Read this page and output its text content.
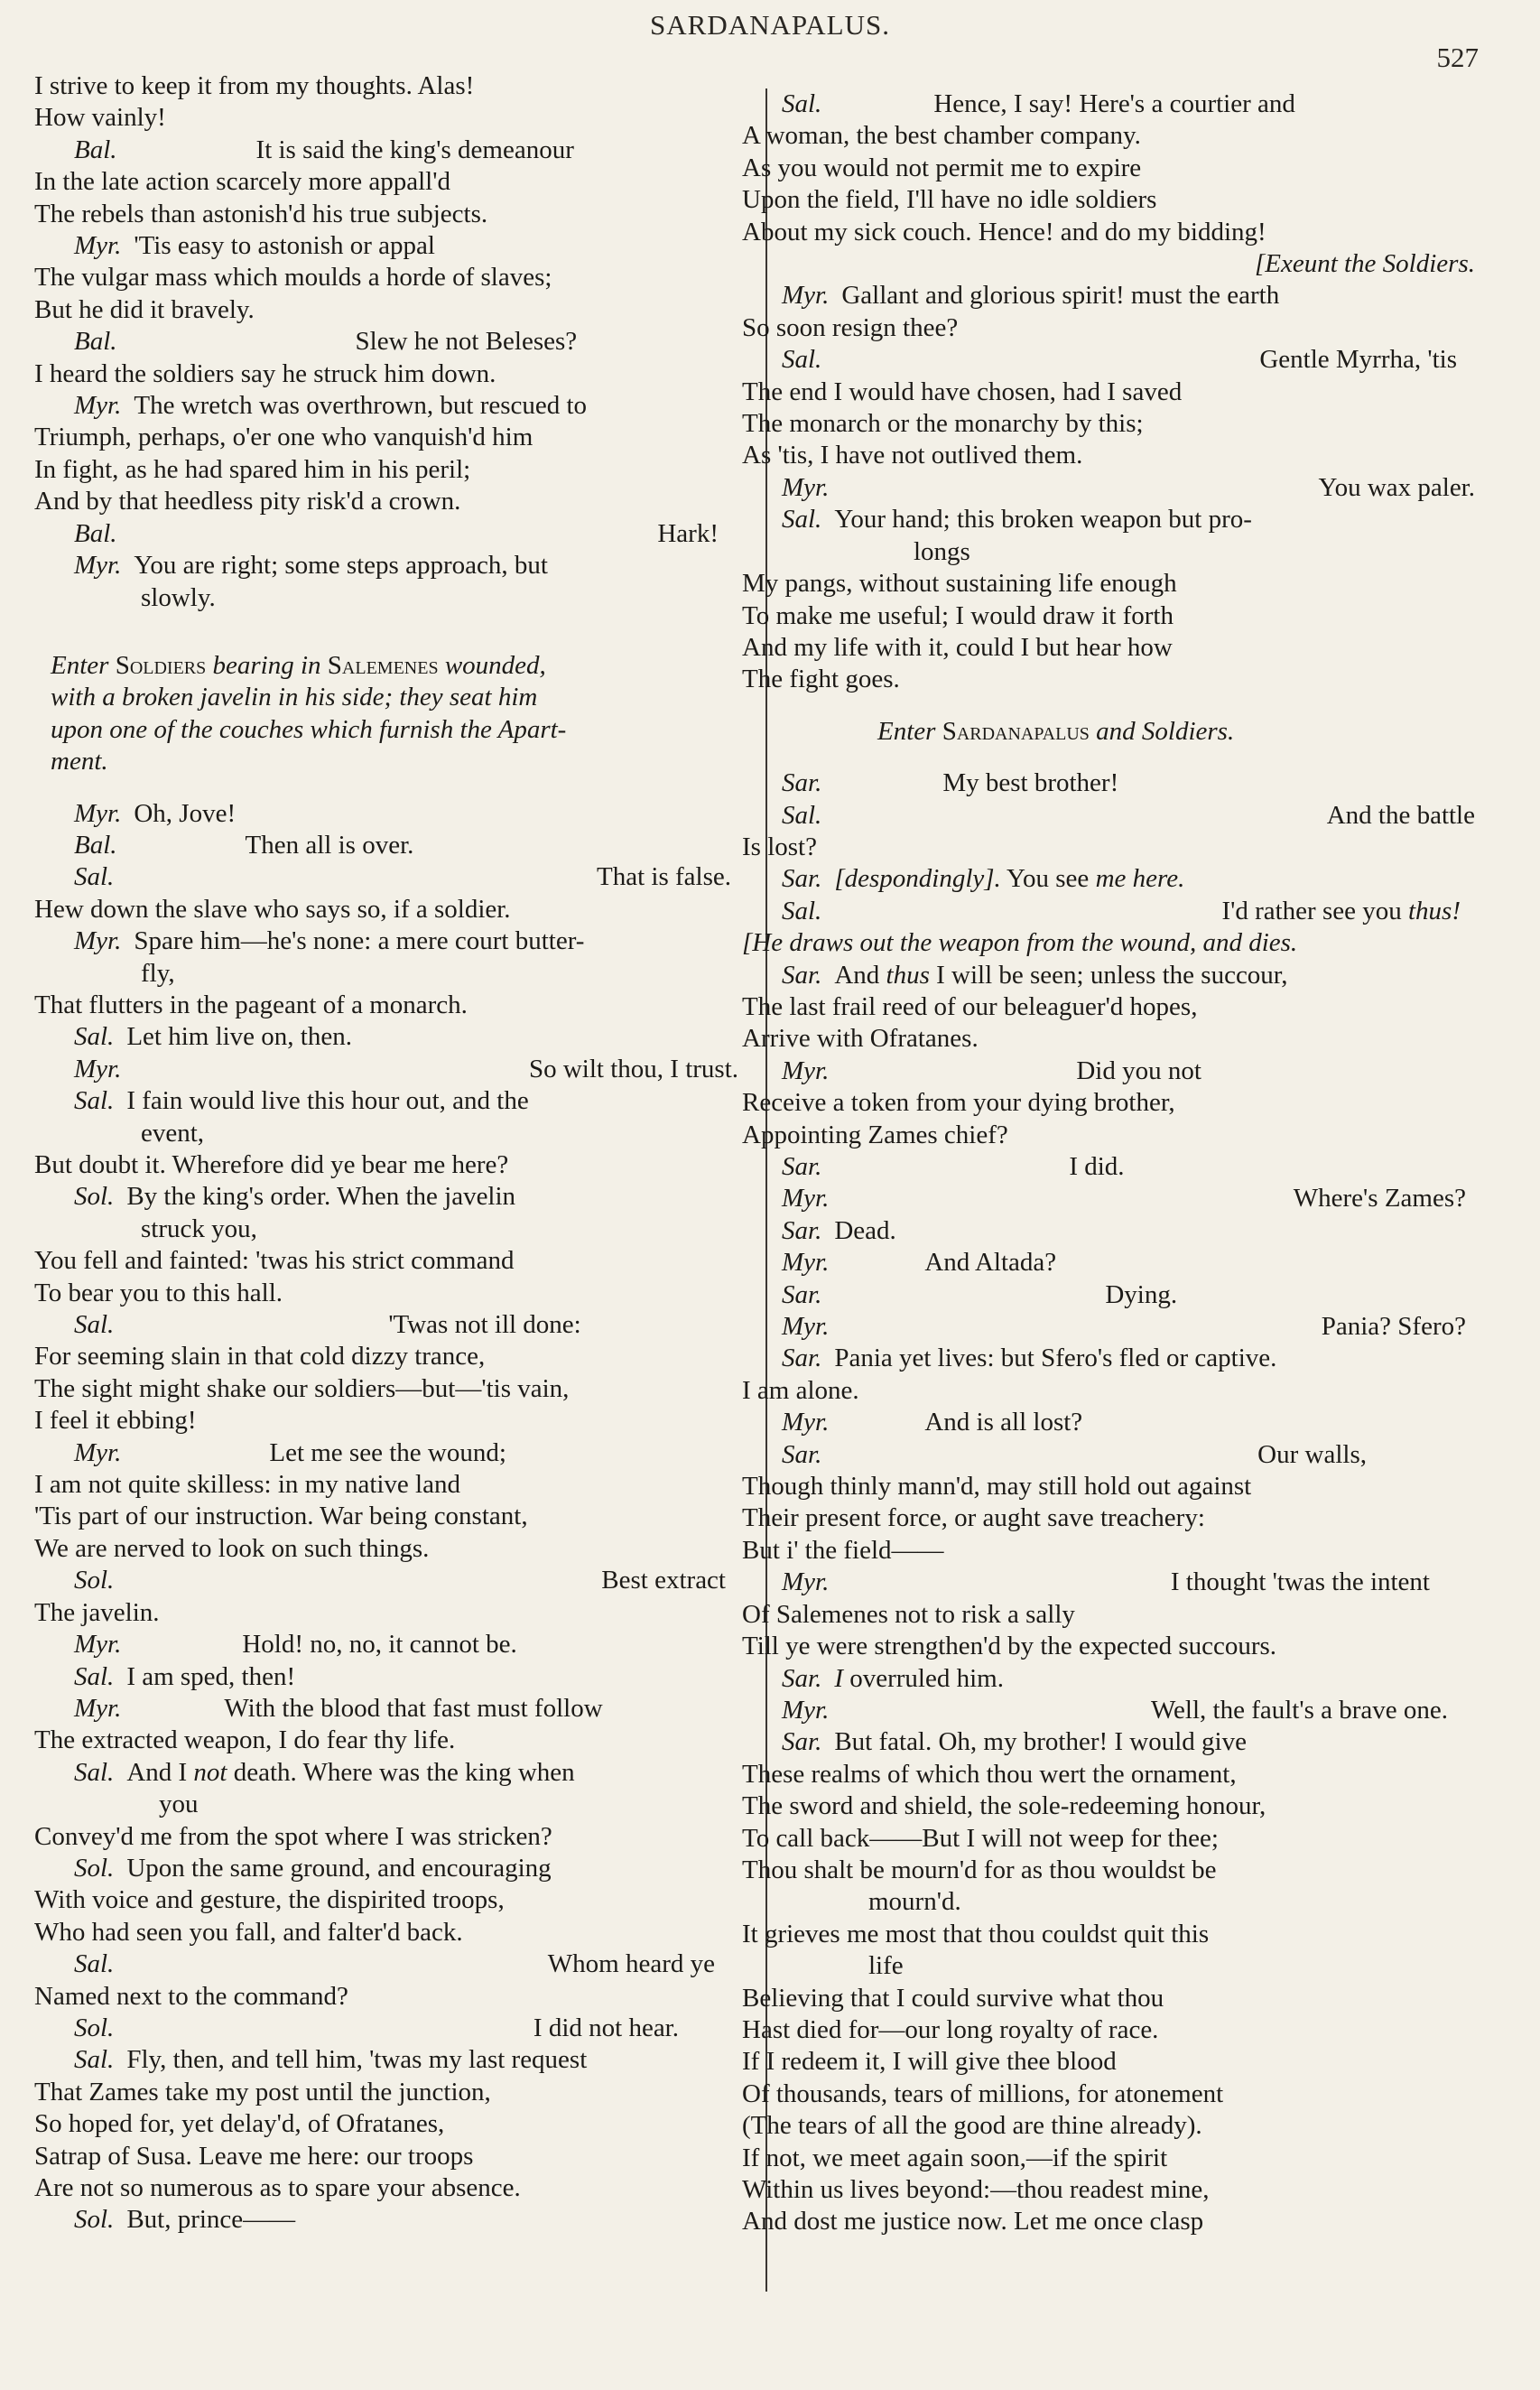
SARDANAPALUS.
527
I strive to keep it from my thoughts. Alas!
How vainly!
Bal.	It is said the king's demeanour
In the late action scarcely more appall'd
The rebels than astonish'd his true subjects.
Myr. 'Tis easy to astonish or appal
The vulgar mass which moulds a horde of slaves;
But he did it bravely.
Bal.	Slew he not Beleses?
I heard the soldiers say he struck him down.
Myr. The wretch was overthrown, but rescued to
Triumph, perhaps, o'er one who vanquish'd him
In fight, as he had spared him in his peril;
And by that heedless pity risk'd a crown.
Bal.	Hark!
Myr. You are right; some steps approach, but
slowly.
Enter Soldiers bearing in Salemenes wounded,
with a broken javelin in his side; they seat him
upon one of the couches which furnish the Apart-
ment.
Myr. Oh, Jove!
Bal.	Then all is over.
Sal.	That is false.
Hew down the slave who says so, if a soldier.
Myr. Spare him—he's none: a mere court butter-
fly,
That flutters in the pageant of a monarch.
Sal. Let him live on, then.
Myr.	So wilt thou, I trust.
Sal. I fain would live this hour out, and the
event,
But doubt it. Wherefore did ye bear me here?
Sol. By the king's order. When the javelin
struck you,
You fell and fainted: 'twas his strict command
To bear you to this hall.
Sal.	'Twas not ill done:
For seeming slain in that cold dizzy trance,
The sight might shake our soldiers—but—'tis vain,
I feel it ebbing!
Myr.	Let me see the wound;
I am not quite skilless: in my native land
'Tis part of our instruction. War being constant,
We are nerved to look on such things.
Sol.	Best extract
The javelin.
Myr.	Hold! no, no, it cannot be.
Sal. I am sped, then!
Myr.	With the blood that fast must follow
The extracted weapon, I do fear thy life.
Sal. And I not death. Where was the king when
you
Convey'd me from the spot where I was stricken?
Sol. Upon the same ground, and encouraging
With voice and gesture, the dispirited troops,
Who had seen you fall, and falter'd back.
Sal.	Whom heard ye
Named next to the command?
Sol.	I did not hear.
Sal. Fly, then, and tell him, 'twas my last request
That Zames take my post until the junction,
So hoped for, yet delay'd, of Ofratanes,
Satrap of Susa. Leave me here: our troops
Are not so numerous as to spare your absence.
Sol. But, prince——
Sal.	Hence, I say! Here's a courtier and
A woman, the best chamber company.
As you would not permit me to expire
Upon the field, I'll have no idle soldiers
About my sick couch. Hence! and do my bidding!
[Exeunt the Soldiers.
Myr. Gallant and glorious spirit! must the earth
So soon resign thee?
Sal.	Gentle Myrrha, 'tis
The end I would have chosen, had I saved
The monarch or the monarchy by this;
As 'tis, I have not outlived them.
Myr.	You wax paler.
Sal. Your hand; this broken weapon but pro-
longs
My pangs, without sustaining life enough
To make me useful; I would draw it forth
And my life with it, could I but hear how
The fight goes.
Enter Sardanapalus and Soldiers.
Sar.	My best brother!
Sal.	And the battle
Is lost?
Sar. [despondingly]. You see me here.
Sal.	I'd rather see you thus!
[He draws out the weapon from the wound, and dies.
Sar. And thus I will be seen; unless the succour,
The last frail reed of our beleaguer'd hopes,
Arrive with Ofratanes.
Myr.	Did you not
Receive a token from your dying brother,
Appointing Zames chief?
Sar.	I did.
Myr.	Where's Zames?
Sar. Dead.
Myr.	And Altada?
Sar.	Dying.
Myr.	Pania? Sfero?
Sar. Pania yet lives: but Sfero's fled or captive.
I am alone.
Myr.	And is all lost?
Sar.	Our walls,
Though thinly mann'd, may still hold out against
Their present force, or aught save treachery:
But i' the field——
Myr.	I thought 'twas the intent
Of Salemenes not to risk a sally
Till ye were strengthen'd by the expected succours.
Sar. I overruled him.
Myr.	Well, the fault's a brave one.
Sar. But fatal. Oh, my brother! I would give
These realms of which thou wert the ornament,
The sword and shield, the sole-redeeming honour,
To call back——But I will not weep for thee;
Thou shalt be mourn'd for as thou wouldst be
mourn'd.
It grieves me most that thou couldst quit this
life
Believing that I could survive what thou
Hast died for—our long royalty of race.
If I redeem it, I will give thee blood
Of thousands, tears of millions, for atonement
(The tears of all the good are thine already).
If not, we meet again soon,—if the spirit
Within us lives beyond:—thou readest mine,
And dost me justice now. Let me once clasp
